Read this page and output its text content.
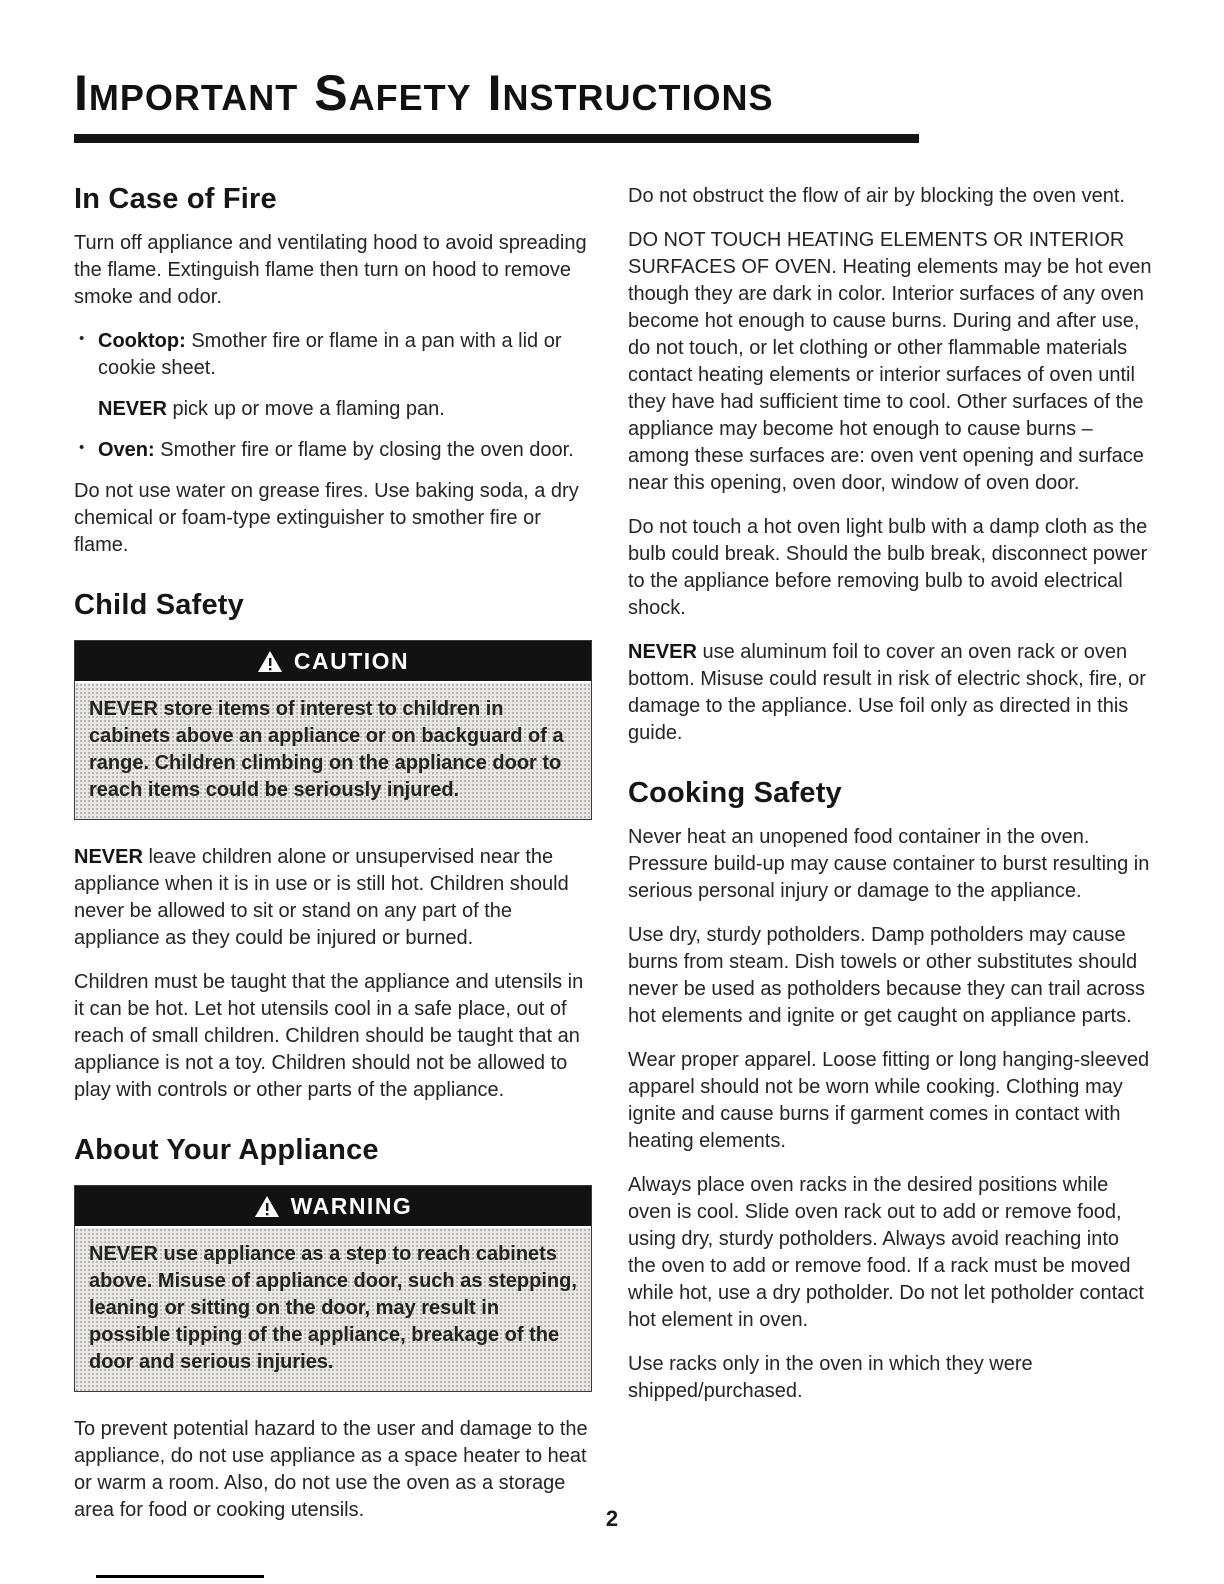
IMPORTANT SAFETY INSTRUCTIONS
In Case of Fire

Turn off appliance and ventilating hood to avoid spreading the flame. Extinguish flame then turn on hood to remove smoke and odor.

• Cooktop: Smother fire or flame in a pan with a lid or cookie sheet.

NEVER pick up or move a flaming pan.

• Oven: Smother fire or flame by closing the oven door.

Do not use water on grease fires. Use baking soda, a dry chemical or foam-type extinguisher to smother fire or flame.

Child Safety
CAUTION
NEVER store items of interest to children in cabinets above an appliance or on backguard of a range. Children climbing on the appliance door to reach items could be seriously injured.

NEVER leave children alone or unsupervised near the appliance when it is in use or is still hot. Children should never be allowed to sit or stand on any part of the appliance as they could be injured or burned.

Children must be taught that the appliance and utensils in it can be hot. Let hot utensils cool in a safe place, out of reach of small children. Children should be taught that an appliance is not a toy. Children should not be allowed to play with controls or other parts of the appliance.

About Your Appliance
WARNING
NEVER use appliance as a step to reach cabinets above. Misuse of appliance door, such as stepping, leaning or sitting on the door, may result in possible tipping of the appliance, breakage of the door and serious injuries.

To prevent potential hazard to the user and damage to the appliance, do not use appliance as a space heater to heat or warm a room. Also, do not use the oven as a storage area for food or cooking utensils.

Do not obstruct the flow of air by blocking the oven vent.

DO NOT TOUCH HEATING ELEMENTS OR INTERIOR SURFACES OF OVEN. Heating elements may be hot even though they are dark in color. Interior surfaces of any oven become hot enough to cause burns. During and after use, do not touch, or let clothing or other flammable materials contact heating elements or interior surfaces of oven until they have had sufficient time to cool. Other surfaces of the appliance may become hot enough to cause burns – among these surfaces are: oven vent opening and surface near this opening, oven door, window of oven door.

Do not touch a hot oven light bulb with a damp cloth as the bulb could break. Should the bulb break, disconnect power to the appliance before removing bulb to avoid electrical shock.

NEVER use aluminum foil to cover an oven rack or oven bottom. Misuse could result in risk of electric shock, fire, or damage to the appliance. Use foil only as directed in this guide.

Cooking Safety

Never heat an unopened food container in the oven. Pressure build-up may cause container to burst resulting in serious personal injury or damage to the appliance.

Use dry, sturdy potholders. Damp potholders may cause burns from steam. Dish towels or other substitutes should never be used as potholders because they can trail across hot elements and ignite or get caught on appliance parts.

Wear proper apparel. Loose fitting or long hanging-sleeved apparel should not be worn while cooking. Clothing may ignite and cause burns if garment comes in contact with heating elements.

Always place oven racks in the desired positions while oven is cool. Slide oven rack out to add or remove food, using dry, sturdy potholders. Always avoid reaching into the oven to add or remove food. If a rack must be moved while hot, use a dry potholder. Do not let potholder contact hot element in oven.

Use racks only in the oven in which they were shipped/purchased.

2
